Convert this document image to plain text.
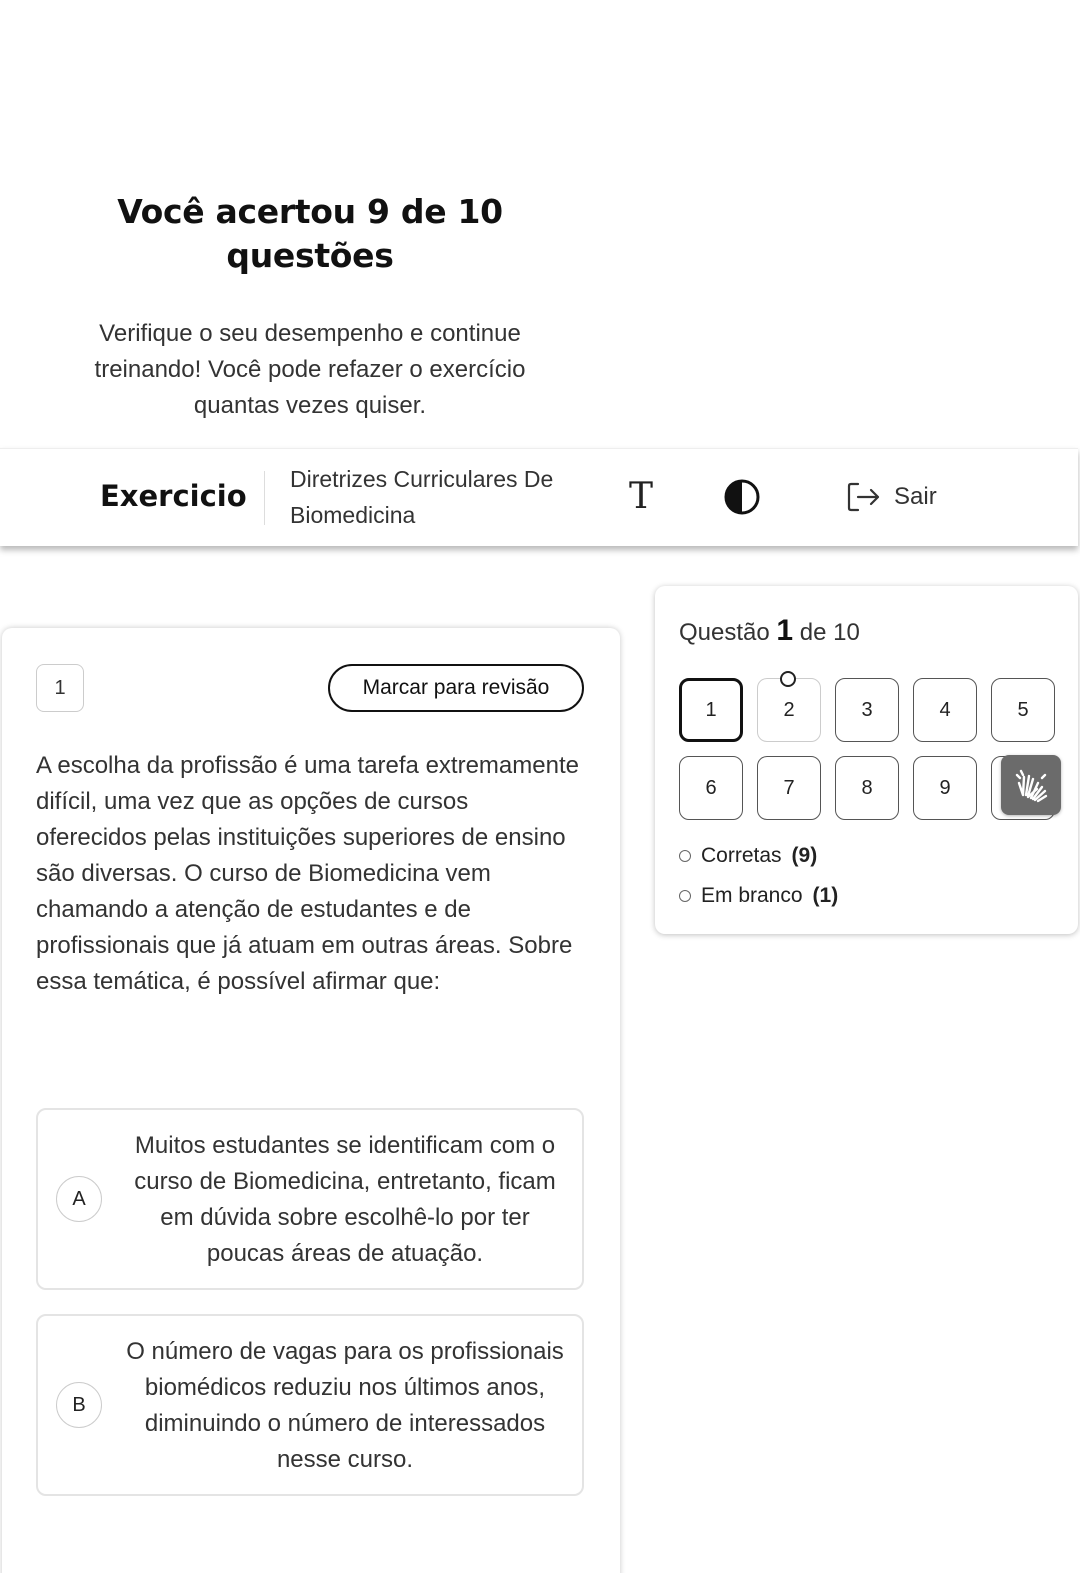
Você acertou 9 de 10 questões

Verifique o seu desempenho e continue treinando! Você pode refazer o exercício quantas vezes quiser.

Exercicio Diretrizes Curriculares De Biomedicina	T	Sair
1	Marcar para revisão

A escolha da profissão é uma tarefa extremamente difícil, uma vez que as opções de cursos oferecidos pelas instituições superiores de ensino são diversas. O curso de Biomedicina vem chamando a atenção de estudantes e de profissionais que já atuam em outras áreas. Sobre essa temática, é possível afirmar que:

A
Muitos estudantes se identificam com o curso de Biomedicina, entretanto, ficam em dúvida sobre escolhê-lo por ter poucas áreas de atuação.
B
O número de vagas para os profissionais biomédicos reduziu nos últimos anos, diminuindo o número de interessados nesse curso.
Questão 1 de 10
1	2	3	4	5
6	7	8	9
Corretas (9)
Em branco (1)
